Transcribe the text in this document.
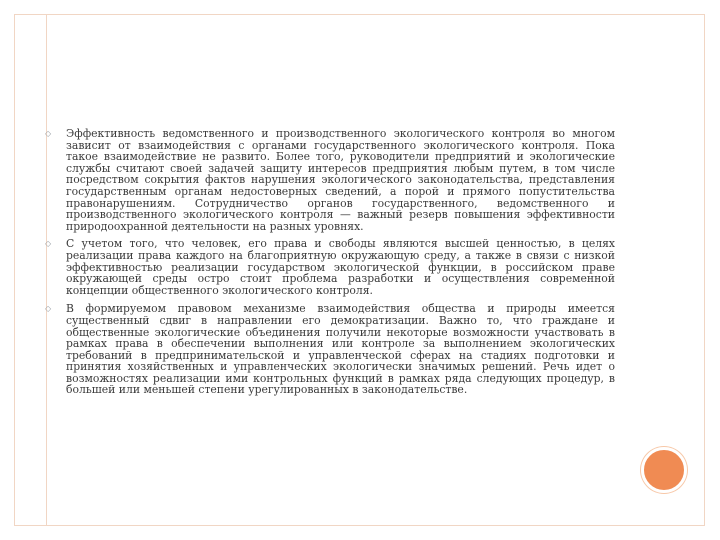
◇ Эффективность ведомственного и производственного экологического контроля во многом зависит от взаимодействия с органами государственного экологического контроля. Пока такое взаимодействие не развито. Более того, руководители предприятий и экологические службы считают своей задачей защиту интересов предприятия любым путем, в том числе посредством сокрытия фактов нарушения экологического законодательства, представления государственным органам недостоверных сведений, а порой и прямого попустительства правонарушениям. Сотрудничество органов государственного, ведомственного и производственного экологического контроля — важный резерв повышения эффективности природоохранной деятельности на разных уровнях.
◇ С учетом того, что человек, его права и свободы являются высшей ценностью, в целях реализации права каждого на благоприятную окружающую среду, а также в связи с низкой эффективностью реализации государством экологической функции, в российском праве окружающей среды остро стоит проблема разработки и осуществления современной концепции общественного экологического контроля.
◇ В формируемом правовом механизме взаимодействия общества и природы имеется существенный сдвиг в направлении его демократизации. Важно то, что граждане и общественные экологические объединения получили некоторые возможности участвовать в рамках права в обеспечении выполнения или контроле за выполнением экологических требований в предпринимательской и управленческой сферах на стадиях подготовки и принятия хозяйственных и управленческих экологически значимых решений. Речь идет о возможностях реализации ими контрольных функций в рамках ряда следующих процедур, в большей или меньшей степени урегулированных в законодательстве.
